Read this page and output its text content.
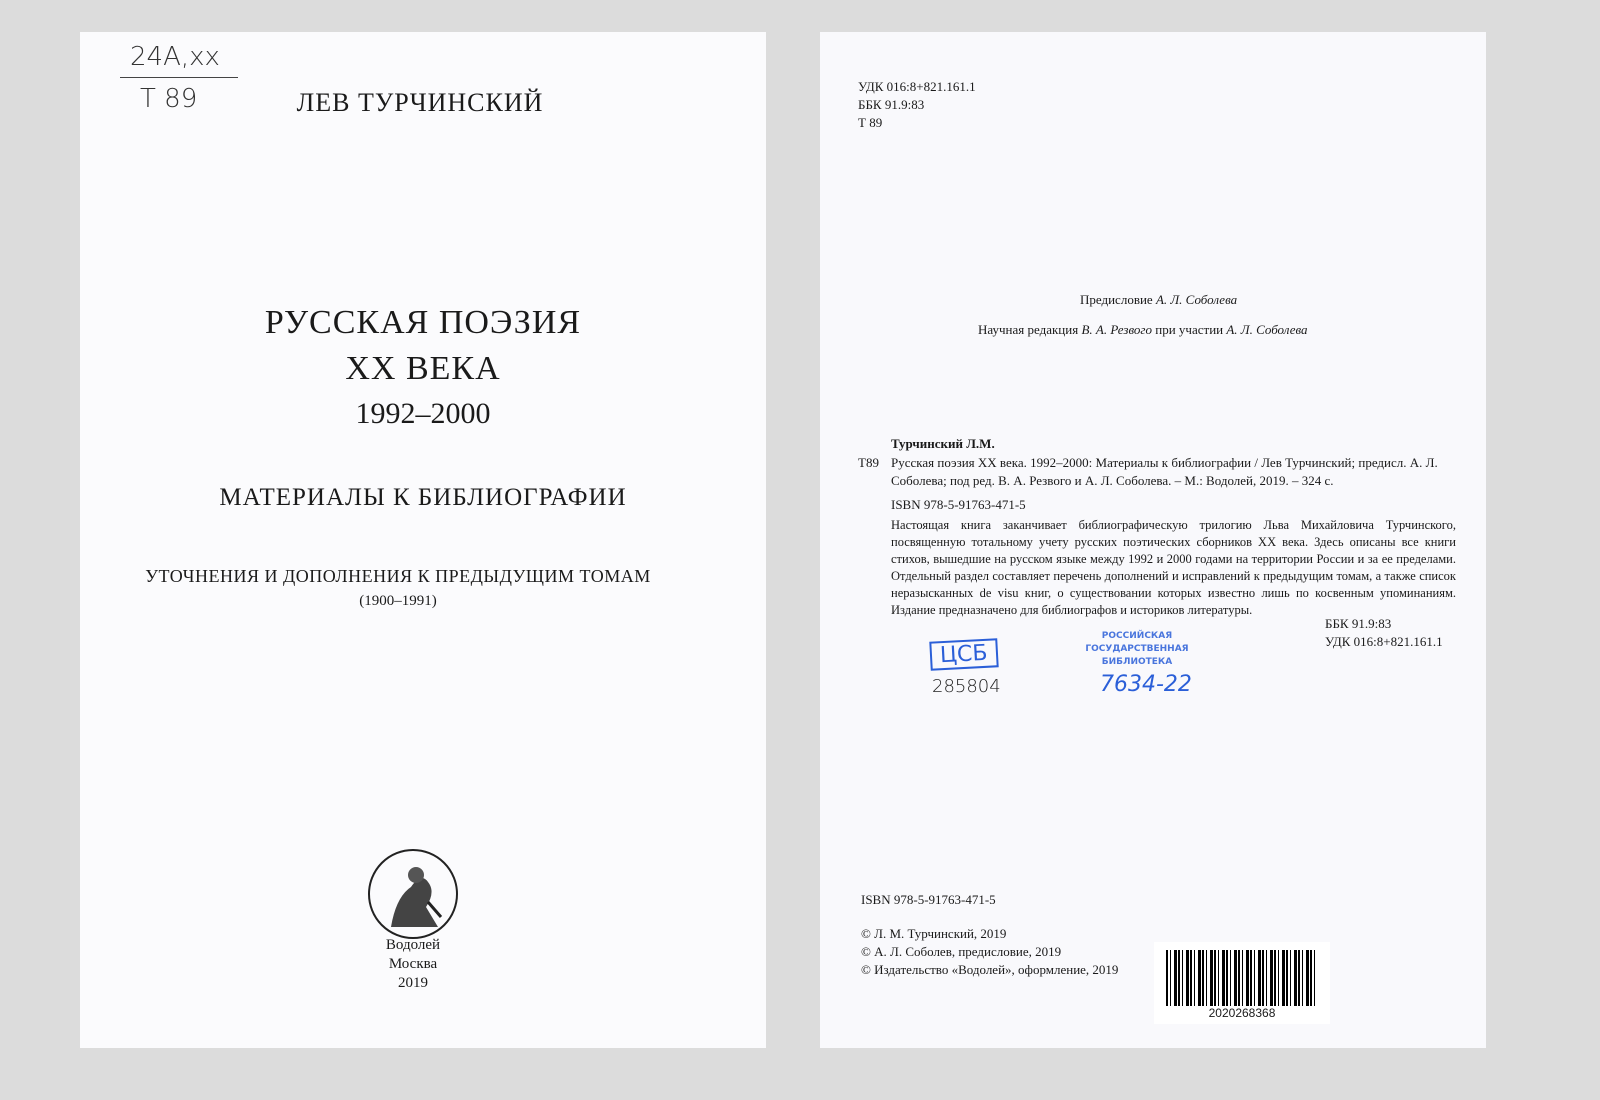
24А,xx
Т 89	ЛЕВ ТУРЧИНСКИЙ
РУССКАЯ ПОЭЗИЯ
XX ВЕКА
1992–2000
МАТЕРИАЛЫ К БИБЛИОГРАФИИ
УТОЧНЕНИЯ И ДОПОЛНЕНИЯ К ПРЕДЫДУЩИМ ТОМАМ
(1900–1991)
Водолей
Москва
2019
УДК 016:8+821.161.1
ББК 91.9:83
Т 89
Предисловие А. Л. Соболева
Научная редакция В. А. Резвого при участии А. Л. Соболева
Турчинский Л.М.
Т89 Русская поэзия XX века. 1992–2000: Материалы к библиографии / Лев Турчинский; предисл. А. Л. Соболева; под ред. В. А. Резвого и А. Л. Соболева. – М.: Водолей, 2019. – 324 с.
ISBN 978-5-91763-471-5
Настоящая книга заканчивает библиографическую трилогию Льва Михайловича Турчинского, посвященную тотальному учету русских поэтических сборников XX века. Здесь описаны все книги стихов, вышедшие на русском языке между 1992 и 2000 годами на территории России и за ее пределами. Отдельный раздел составляет перечень дополнений и исправлений к предыдущим томам, а также список неразысканных de visu книг, о существовании которых известно лишь по косвенным упоминаниям. Издание предназначено для библиографов и историков литературы.
ББК 91.9:83
УДК 016:8+821.161.1
ЦСБ
285804
РОССИЙСКАЯ
ГОСУДАРСТВЕННАЯ
БИБЛИОТЕКА
7634-22
ISBN 978-5-91763-471-5
© Л. М. Турчинский, 2019
© А. Л. Соболев, предисловие, 2019
© Издательство «Водолей», оформление, 2019
2020268368
